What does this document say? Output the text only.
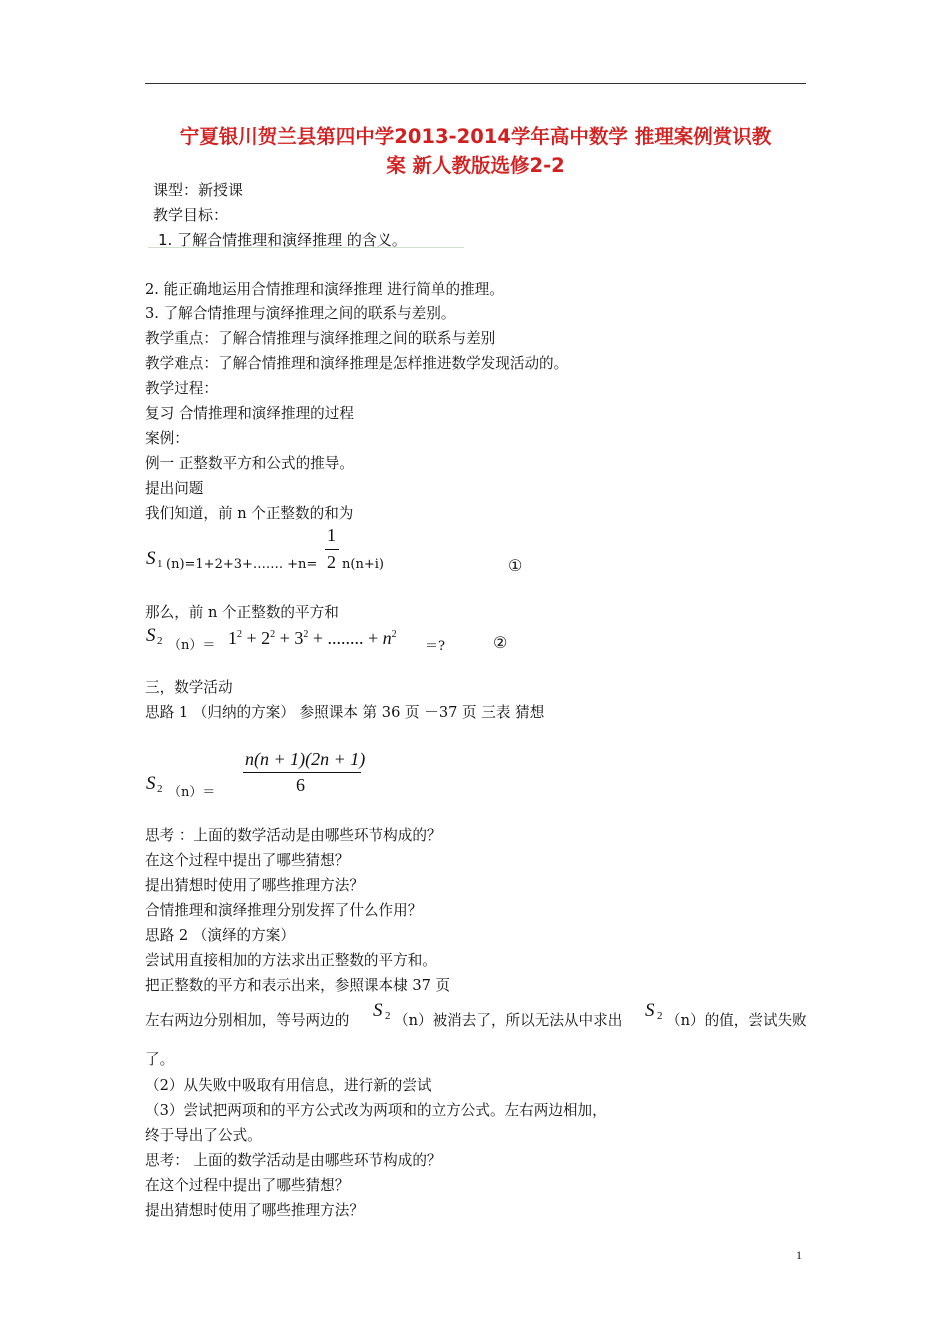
宁夏银川贺兰县第四中学2013-2014学年高中数学 推理案例赏识教
案 新人教版选修2-2
课型：新授课
教学目标：
1. 了解合情推理和演绎推理 的含义。
2. 能正确地运用合情推理和演绎推理 进行简单的推理。
3. 了解合情推理与演绎推理之间的联系与差别。
教学重点：了解合情推理与演绎推理之间的联系与差别
教学难点：了解合情推理和演绎推理是怎样推进数学发现活动的。
教学过程：
复习 合情推理和演绎推理的过程
案例：
例一 正整数平方和公式的推导。
提出问题
我们知道，前 n 个正整数的和为
S 1 (n)=1+2+3+……. +n=
1
2 n(n+i)	①
那么，前 n 个正整数的平方和
S 2 $(n)= 1^2 + 2^2 + 3^2$ + ........ + $n^2$
＝?	②
三，数学活动
思路 1 （归纳的方案） 参照课本 第 36 页 －37 页 三表 猜想
n(n + 1)(2n + 1)
6
S 2 （n）＝
思考 ：上面的数学活动是由哪些环节构成的？
在这个过程中提出了哪些猜想？
提出猜想时使用了哪些推理方法？
合情推理和演绎推理分别发挥了什么作用？
思路 2 （演绎的方案）
尝试用直接相加的方法求出正整数的平方和。
把正整数的平方和表示出来，参照课本棣 37 页
左右两边分别相加，等号两边的 S 2 （n）被消去了，所以无法从中求出 S 2 （n）的值，尝试失败
了。
（2）从失败中吸取有用信息，进行新的尝试
（3）尝试把两项和的平方公式改为两项和的立方公式。左右两边相加，
终于导出了公式。
思考： 上面的数学活动是由哪些环节构成的？
在这个过程中提出了哪些猜想？
提出猜想时使用了哪些推理方法？
1
